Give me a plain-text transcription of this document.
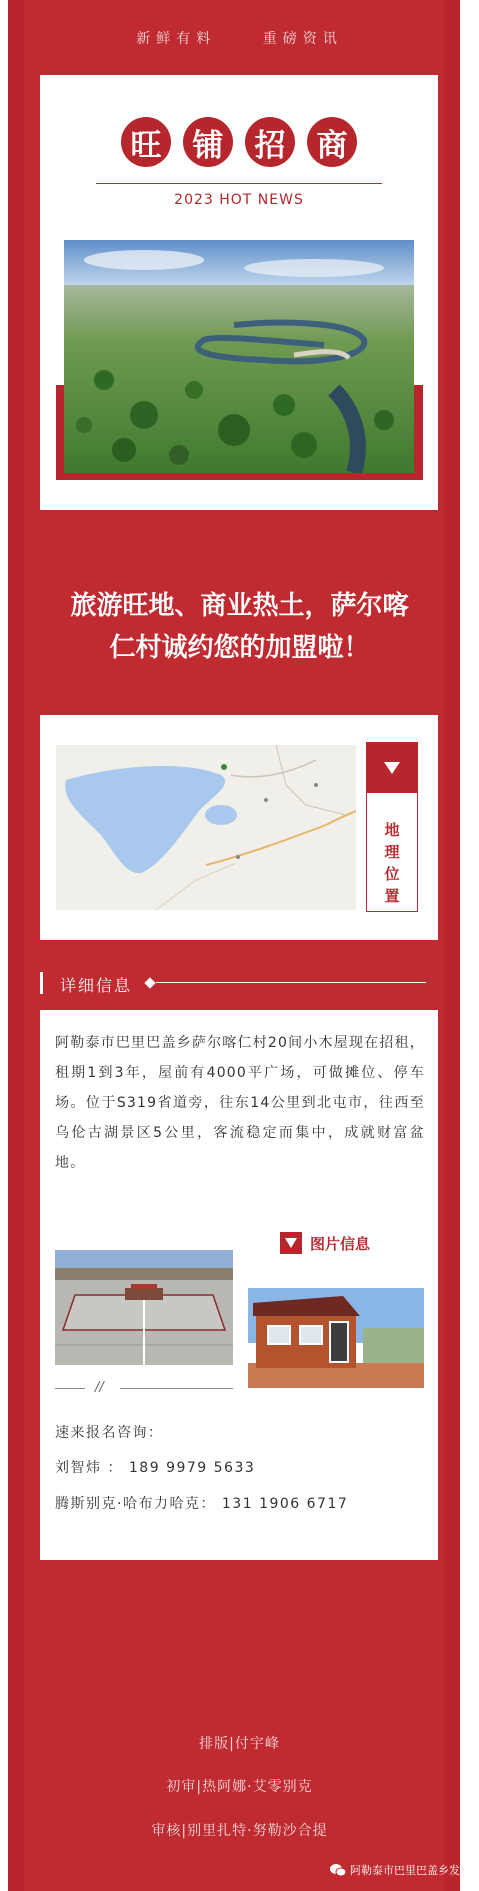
新鲜有料	重磅资讯
旺	铺	招	商
2023 HOT NEWS
旅游旺地、商业热土，萨尔喀
仁村诚约您的加盟啦！
地理位置
详细信息
阿勒泰市巴里巴盖乡萨尔喀仁村20间小木屋现在招租，租期1到3年，屋前有4000平广场，可做摊位、停车场。位于S319省道旁，往东14公里到北屯市，往西至乌伦古湖景区5公里，客流稳定而集中，成就财富盆地。
图片信息
//
速来报名咨询：
刘智炜 ： 189 9979 5633
腾斯别克·哈布力哈克： 131 1906 6717
排版|付宇峰
初审|热阿娜·艾零别克
审核|别里扎特·努勒沙合提
阿勒泰市巴里巴盖乡发布
